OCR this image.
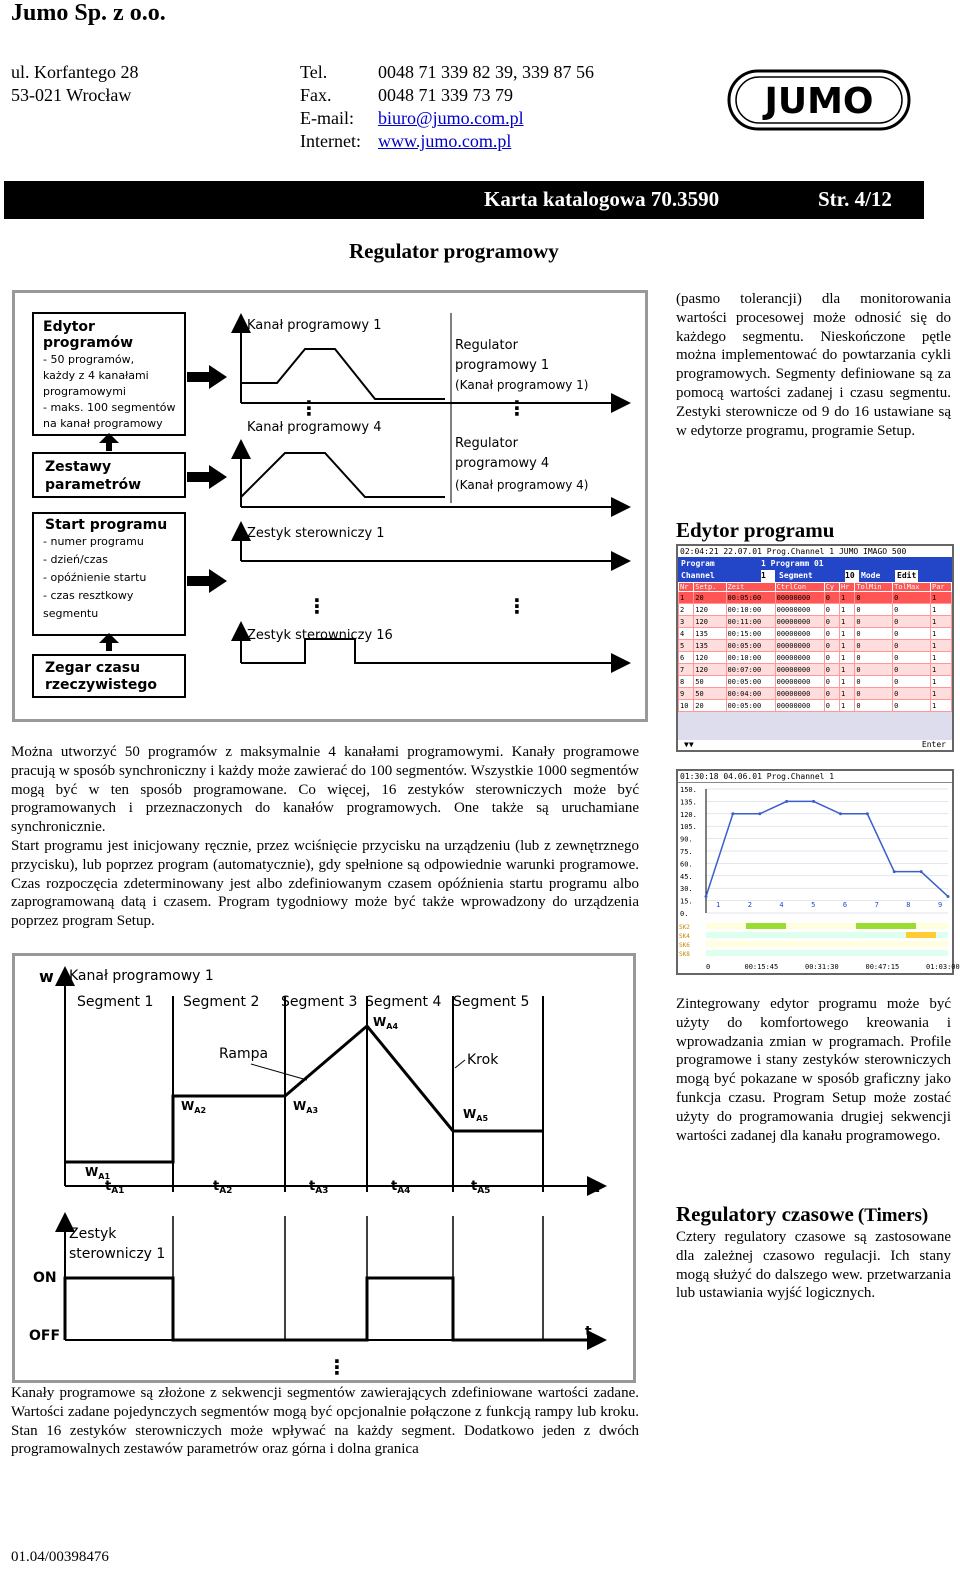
Jumo Sp. z o.o.
ul. Korfantego 28
53-021 Wrocław
Tel.	0048 71 339 82 39, 339 87 56
Fax.	0048 71 339 73 79
E-mail: biuro@jumo.com.pl
Internet: www.jumo.com.pl
JUMO
Karta katalogowa 70.3590	Str. 4/12
Regulator programowy
Edytor
programów
- 50 programów,
każdy z 4 kanałami
programowymi
- maks. 100 segmentów
na kanał programowy
Zestawy
parametrów
Start programu
- numer programu
- dzień/czas
- opóźnienie startu
- czas resztkowy
segmentu
Zegar czasu
rzeczywistego
Kanał programowy 1
⋮
Kanał programowy 4
Regulator
programowy 1
(Kanał programowy 1)
⋮
Regulator
programowy 4
(Kanał programowy 4)
Zestyk sterowniczy 1
⋮	⋮
Zestyk sterowniczy 16
(pasmo tolerancji) dla monitorowania wartości procesowej może odnosić się do każdego segmentu. Nieskończone pętle można implementować do powtarzania cykli programowych. Segmenty definiowane są za pomocą wartości zadanej i czasu segmentu. Zestyki sterownicze od 9 do 16 ustawiane są w edytorze programu, programie Setup.
Edytor programu
02:04:21 22.07.01 Prog.Channel 1 JUMO IMAGO 500
Program	1 Programm 01
Channel	1	Segment	10 Mode	Edit
Nr	Setp.	Zeit	CtrlCon	Cy	Hr	TolMin	TolMax	Par
1	20	00:05:00	00000000	0	1	0	0	1
2	120	00:10:00	00000000	0	1	0	0	1
3	120	00:11:00	00000000	0	1	0	0	1
4	135	00:15:00	00000000	0	1	0	0	1
5	135	00:05:00	00000000	0	1	0	0	1
6	120	00:10:00	00000000	0	1	0	0	1
7	120	00:07:00	00000000	0	1	0	0	1
8	50	00:05:00	00000000	0	1	0	0	1
9	50	00:04:00	00000000	0	1	0	0	1
10	20	00:05:00	00000000	0	1	0	0	1
▼▼	Enter
Można utworzyć 50 programów z maksymalnie 4 kanałami programowymi. Kanały programowe pracują w sposób synchroniczny i każdy może zawierać do 100 segmentów. Wszystkie 1000 segmentów mogą być w ten sposób programowane. Co więcej, 16 zestyków sterowniczych może być programowanych i przeznaczonych do kanałów programowych. One także są uruchamiane synchronicznie.
Start programu jest inicjowany ręcznie, przez wciśnięcie przycisku na urządzeniu (lub z zewnętrznego przycisku), lub poprzez program (automatycznie), gdy spełnione są odpowiednie warunki programowe. Czas rozpoczęcia zdeterminowany jest albo zdefiniowanym czasem opóźnienia startu programu albo zaprogramowaną datą i czasem. Program tygodniowy może być także wprowadzony do urządzenia poprzez program Setup.
01:30:18 04.06.01 Prog.Channel 1
150.
135.
120.
105.
90.
75.
60.
45.
30.
15.
0.
1	2	4	5	6	7	8	9
SK2
SK4
SK6
SK8
0	00:15:45	00:31:30	00:47:15	01:03:00
w Kanał programowy 1
Segment 1 Segment 2 Segment 3 Segment 4 Segment 5
Rampa	Krok
$W_{A1}$
$W_{A2}$	$W_{A3}$
$W_{A4}$
$W_{A5}$
$t_{A1}$	$t_{A2}$	$t_{A3}$	$t_{A4}$	$t_{A5}$	t
Zestyk
sterowniczy 1
ON
OFF	t
⋮
Zintegrowany edytor programu może być użyty do komfortowego kreowania i wprowadzania zmian w programach. Profile programowe i stany zestyków sterowniczych mogą być pokazane w sposób graficzny jako funkcja czasu. Program Setup może zostać użyty do programowania drugiej sekwencji wartości zadanej dla kanału programowego.
Regulatory czasowe (Timers)
Cztery regulatory czasowe są zastosowane dla zależnej czasowo regulacji. Ich stany mogą służyć do dalszego wew. przetwarzania lub ustawiania wyjść logicznych.
Kanały programowe są złożone z sekwencji segmentów zawierających zdefiniowane wartości zadane. Wartości zadane pojedynczych segmentów mogą być opcjonalnie połączone z funkcją rampy lub kroku. Stan 16 zestyków sterowniczych może wpływać na każdy segment. Dodatkowo jeden z dwóch programowalnych zestawów parametrów oraz górna i dolna granica
01.04/00398476
